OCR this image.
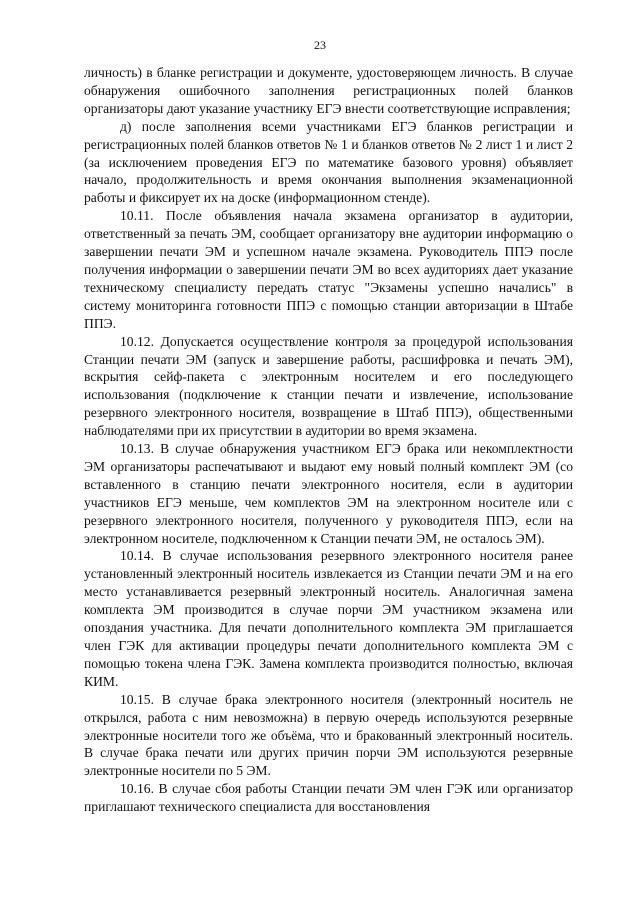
23

личность) в бланке регистрации и документе, удостоверяющем личность. В случае обнаружения ошибочного заполнения регистрационных полей бланков организаторы дают указание участнику ЕГЭ внести соответствующие исправления;

д) после заполнения всеми участниками ЕГЭ бланков регистрации и регистрационных полей бланков ответов № 1 и бланков ответов № 2 лист 1 и лист 2 (за исключением проведения ЕГЭ по математике базового уровня) объявляет начало, продолжительность и время окончания выполнения экзаменационной работы и фиксирует их на доске (информационном стенде).

10.11. После объявления начала экзамена организатор в аудитории, ответственный за печать ЭМ, сообщает организатору вне аудитории информацию о завершении печати ЭМ и успешном начале экзамена. Руководитель ППЭ после получения информации о завершении печати ЭМ во всех аудиториях дает указание техническому специалисту передать статус "Экзамены успешно начались" в систему мониторинга готовности ППЭ с помощью станции авторизации в Штабе ППЭ.

10.12. Допускается осуществление контроля за процедурой использования Станции печати ЭМ (запуск и завершение работы, расшифровка и печать ЭМ), вскрытия сейф-пакета с электронным носителем и его последующего использования (подключение к станции печати и извлечение, использование резервного электронного носителя, возвращение в Штаб ППЭ), общественными наблюдателями при их присутствии в аудитории во время экзамена.

10.13. В случае обнаружения участником ЕГЭ брака или некомплектности ЭМ организаторы распечатывают и выдают ему новый полный комплект ЭМ (со вставленного в станцию печати электронного носителя, если в аудитории участников ЕГЭ меньше, чем комплектов ЭМ на электронном носителе или с резервного электронного носителя, полученного у руководителя ППЭ, если на электронном носителе, подключенном к Станции печати ЭМ, не осталось ЭМ).

10.14. В случае использования резервного электронного носителя ранее установленный электронный носитель извлекается из Станции печати ЭМ и на его место устанавливается резервный электронный носитель. Аналогичная замена комплекта ЭМ производится в случае порчи ЭМ участником экзамена или опоздания участника. Для печати дополнительного комплекта ЭМ приглашается член ГЭК для активации процедуры печати дополнительного комплекта ЭМ с помощью токена члена ГЭК. Замена комплекта производится полностью, включая КИМ.

10.15. В случае брака электронного носителя (электронный носитель не открылся, работа с ним невозможна) в первую очередь используются резервные электронные носители того же объёма, что и бракованный электронный носитель. В случае брака печати или других причин порчи ЭМ используются резервные электронные носители по 5 ЭМ.

10.16. В случае сбоя работы Станции печати ЭМ член ГЭК или организатор приглашают технического специалиста для восстановления
